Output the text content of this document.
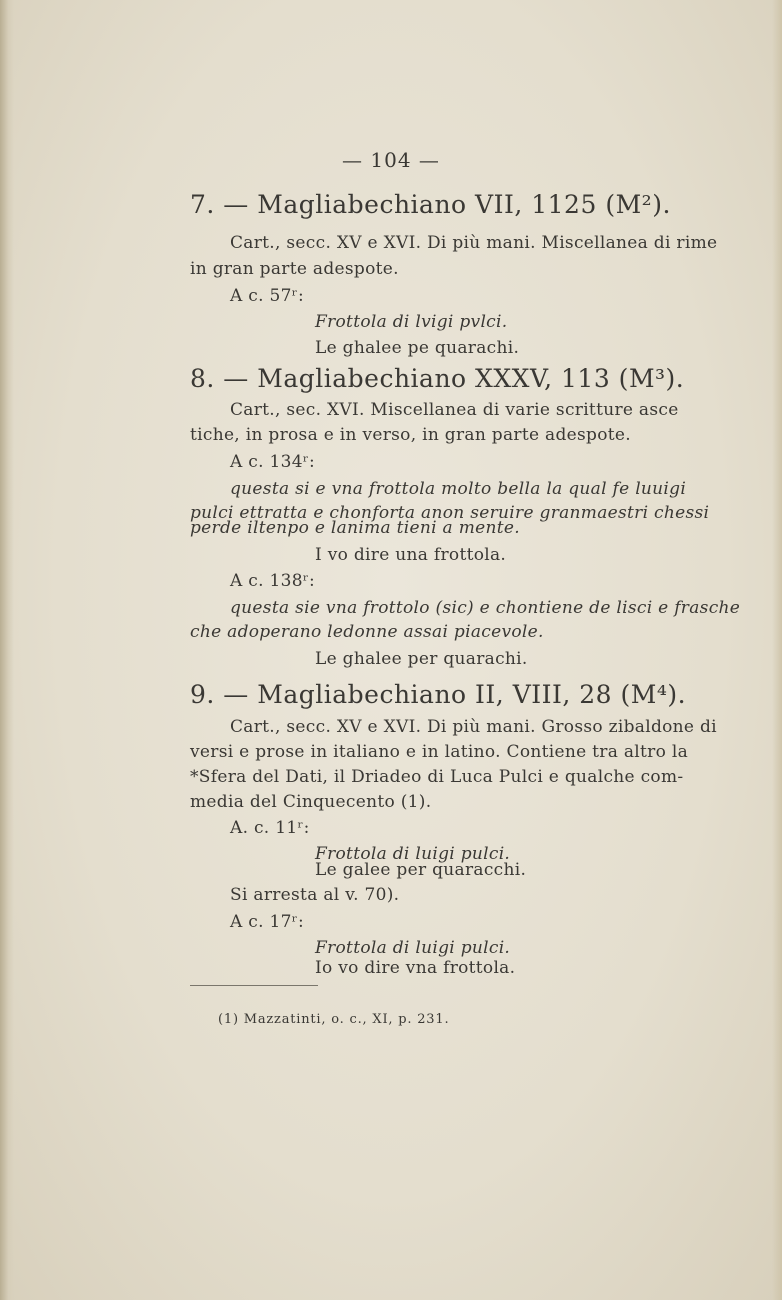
— 104 —
7. — Magliabechiano VII, 1125 (M²).
Cart., secc. XV e XVI. Di più mani. Miscellanea di rime
in gran parte adespote.
A c. 57ʳ:
Frottola di lvigi pvlci.
Le ghalee pe quarachi.
8. — Magliabechiano XXXV, 113 (M³).
Cart., sec. XVI. Miscellanea di varie scritture asce
tiche, in prosa e in verso, in gran parte adespote.
A c. 134ʳ:
questa si e vna frottola molto bella la qual fe luuigi
pulci ettratta e chonforta anon seruire granmaestri chessi
perde iltenpo e lanima tieni a mente.
I vo dire una frottola.
A c. 138ʳ:
questa sie vna frottolo (sic) e chontiene de lisci e frasche
che adoperano ledonne assai piacevole.
Le ghalee per quarachi.
9. — Magliabechiano II, VIII, 28 (M⁴).
Cart., secc. XV e XVI. Di più mani. Grosso zibaldone di
versi e prose in italiano e in latino. Contiene tra altro la
*Sfera del Dati, il Driadeo di Luca Pulci e qualche com-
media del Cinquecento (1).
A. c. 11ʳ:
Frottola di luigi pulci.
Le galee per quaracchi.
Si arresta al v. 70).
A c. 17ʳ:
Frottola di luigi pulci.
Io vo dire vna frottola.
(1) Mazzatinti, o. c., XI, p. 231.
